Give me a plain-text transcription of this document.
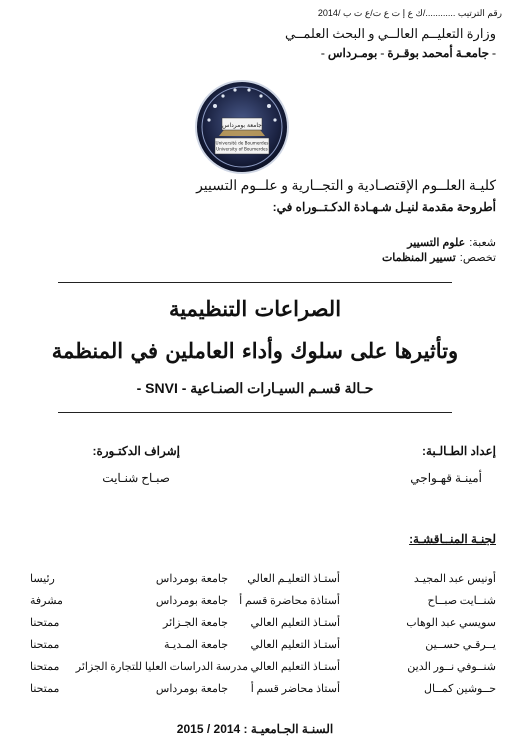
رقم الترتيب ............/ك ع إ ت ع ت/ع ت ب /2014
وزارة التعليــم العالــي و البحث العلمــي
- جامعـة أمحمد بوقـرة - بومـرداس -
جامعة بومرداس
Université de Boumerdes
University of Boumerdes
كليـة العلــوم الإقتصـادية و التجــارية و علــوم التسيير
أطروحة مقدمة لنيـل شـهـادة الدكـتــوراه في:
شعبة:علوم التسيير
تخصص:تسيير المنظمات
الصراعات التنظيمية
وتأثيرها على سلوك وأداء العاملين في المنظمة
حـالة قسـم السيـارات الصنـاعية - SNVI -
إعداد الطـالـبة:
أمينـة قهـواجي
إشراف الدكتـورة:
صبـاح شنـايت
لجنـة المنــاقشـة:
أونيس عبد المجيـد
أستـاذ التعليـم العالي
جامعة بومرداس
رئيسا
شنــايت صبــاح
أستاذة محاضرة قسم أ
جامعة بومرداس
مشرفة
سويسي عبد الوهاب
أستـاذ التعليم العالي
جامعة الجـزائر
ممتحنا
يــرقـي حســين
أستـاذ التعليم العالي
جامعة المـديـة
ممتحنا
شنــوفي نــور الدين
أستـاذ التعليم العالي
مدرسة الدراسات العليا للتجارة الجزائر
ممتحنا
حــوشين كمــال
أستاذ محاضر قسم أ
جامعة بومرداس
ممتحنا
السنـة الجـامعيـة : 2014 / 2015
